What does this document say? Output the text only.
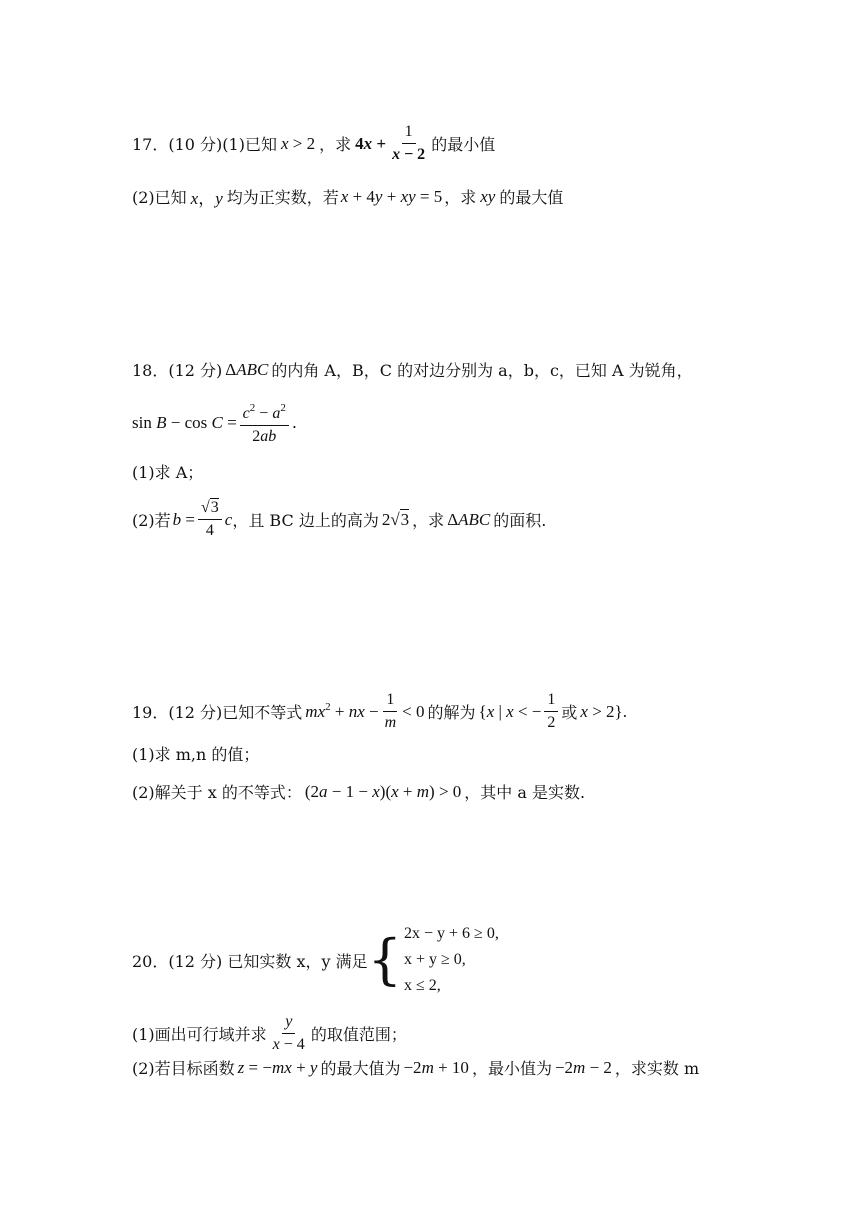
17．(10 分)(1)已知 x > 2 ，求 $4x + \frac{1}{x - 2}$ 的最小值
(2)已知 x，y 均为正实数，若 x + 4y + xy = 5 ，求 xy 的最大值
18．(12 分) ΔABC 的内角 A，B，C 的对边分别为 a，b，c，已知 A 为锐角，
$\sin B - \cos C = \frac{c^2 - a^2}{2ab}$ .
(1)求 A；
(2)若 $b = \frac{√3}{4}$ c ，且 BC 边上的高为 2√3 ，求 ΔABC 的面积.
19．(12 分)已知不等式 $mx^2$ + nx − $\frac{1}{m} < 0$ 的解为 {x | x < − $\frac{1}{2}$ 或 x > 2}.
(1)求 m,n 的值；
(2)解关于 x 的不等式： (2a − 1 − x)(x + m) > 0 ，其中 a 是实数.
20．(12 分) 已知实数 x，y 满足 { 2x − y + 6 ≥ 0,
x + y ≥ 0,
x ≤ 2,
(1)画出可行域并求 $\frac{y}{x - 4}$ 的取值范围；
(2)若目标函数 z = −mx + y 的最大值为 −2m + 10 ，最小值为 −2m − 2 ，求实数 m
